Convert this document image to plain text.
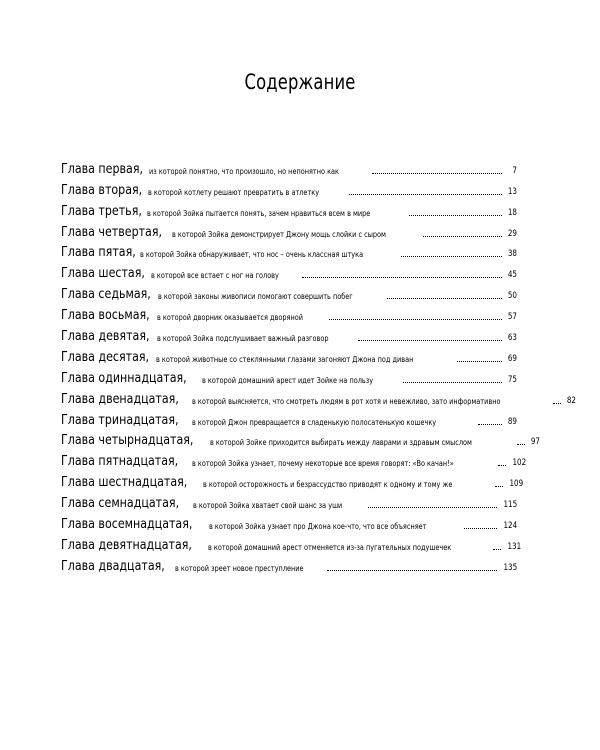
Содержание
Глава первая, из которой понятно, что произошло, но непонятно как	7
Глава вторая, в которой котлету решают превратить в атлетку	13
Глава третья, в которой Зойка пытается понять, зачем нравиться всем в мире	18
Глава четвертая, в которой Зойка демонстрирует Джону мощь слойки с сыром	29
Глава пятая, в которой Зойка обнаруживает, что нос – очень классная штука	38
Глава шестая, в которой все встает с ног на голову	45
Глава седьмая, в которой законы живописи помогают совершить побег	50
Глава восьмая, в которой дворник оказывается дворяной	57
Глава девятая, в которой Зойка подслушивает важный разговор	63
Глава десятая, в которой животные со стеклянными глазами загоняют Джона под диван	69
Глава одиннадцатая, в которой домашний арест идет Зойке на пользу	75
Глава двенадцатая, в которой выясняется, что смотреть людям в рот хотя и невежливо, зато информативно	82
Глава тринадцатая, в которой Джон превращается в сладенькую полосатенькую кошечку	89
Глава четырнадцатая, в которой Зойке приходится выбирать между лаврами и здравым смыслом	97
Глава пятнадцатая, в которой Зойка узнает, почему некоторые все время говорят: «Во качан!»	102
Глава шестнадцатая, в которой осторожность и безрассудство приводят к одному и тому же	109
Глава семнадцатая, в которой Зойка хватает свой шанс за уши	115
Глава восемнадцатая, в которой Зойка узнает про Джона кое-что, что все объясняет	124
Глава девятнадцатая, в которой домашний арест отменяется из-за пугательных подушечек	131
Глава двадцатая, в которой зреет новое преступление	135
